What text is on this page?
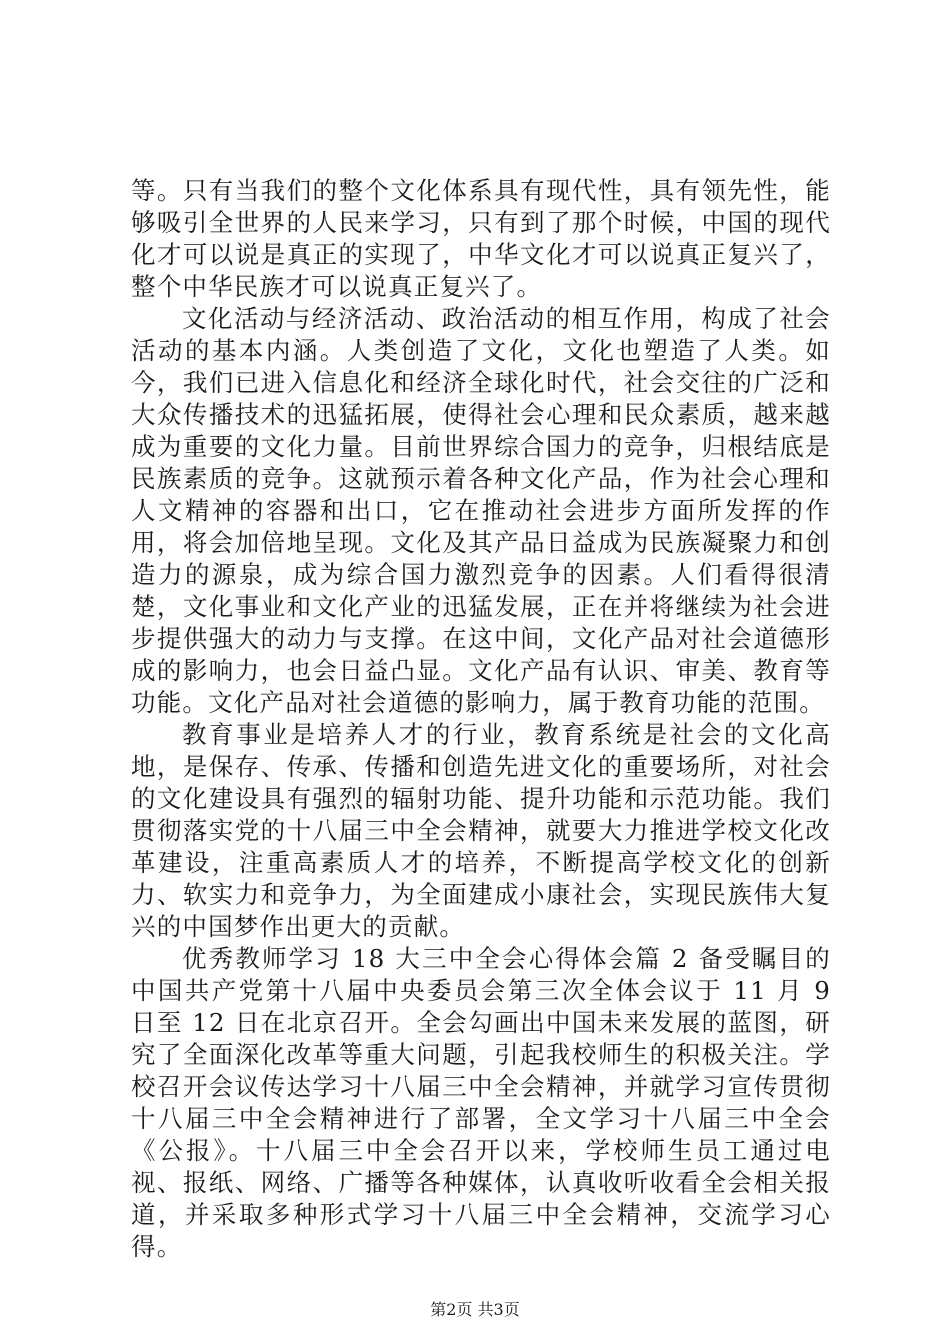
等。只有当我们的整个文化体系具有现代性，具有领先性，能够吸引全世界的人民来学习，只有到了那个时候，中国的现代化才可以说是真正的实现了，中华文化才可以说真正复兴了，整个中华民族才可以说真正复兴了。

文化活动与经济活动、政治活动的相互作用，构成了社会活动的基本内涵。人类创造了文化，文化也塑造了人类。如今，我们已进入信息化和经济全球化时代，社会交往的广泛和大众传播技术的迅猛拓展，使得社会心理和民众素质，越来越成为重要的文化力量。目前世界综合国力的竞争，归根结底是民族素质的竞争。这就预示着各种文化产品，作为社会心理和人文精神的容器和出口，它在推动社会进步方面所发挥的作用，将会加倍地呈现。文化及其产品日益成为民族凝聚力和创造力的源泉，成为综合国力激烈竞争的因素。人们看得很清楚，文化事业和文化产业的迅猛发展，正在并将继续为社会进步提供强大的动力与支撑。在这中间，文化产品对社会道德形成的影响力，也会日益凸显。文化产品有认识、审美、教育等功能。文化产品对社会道德的影响力，属于教育功能的范围。

教育事业是培养人才的行业，教育系统是社会的文化高地，是保存、传承、传播和创造先进文化的重要场所，对社会的文化建设具有强烈的辐射功能、提升功能和示范功能。我们贯彻落实党的十八届三中全会精神，就要大力推进学校文化改革建设，注重高素质人才的培养，不断提高学校文化的创新力、软实力和竞争力，为全面建成小康社会，实现民族伟大复兴的中国梦作出更大的贡献。

优秀教师学习 18 大三中全会心得体会篇 2 备受瞩目的中国共产党第十八届中央委员会第三次全体会议于 11 月 9 日至 12 日在北京召开。全会勾画出中国未来发展的蓝图，研究了全面深化改革等重大问题，引起我校师生的积极关注。学校召开会议传达学习十八届三中全会精神，并就学习宣传贯彻十八届三中全会精神进行了部署，全文学习十八届三中全会《公报》。十八届三中全会召开以来，学校师生员工通过电视、报纸、网络、广播等各种媒体，认真收听收看全会相关报道，并采取多种形式学习十八届三中全会精神，交流学习心得。

第2页 共3页
